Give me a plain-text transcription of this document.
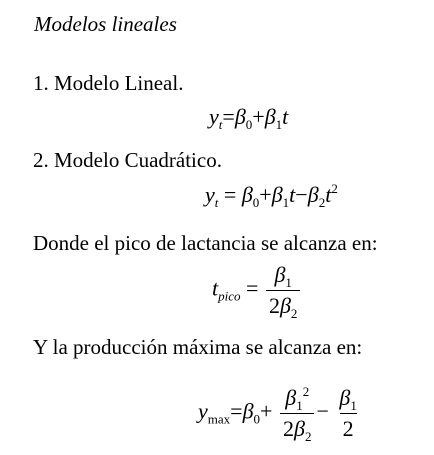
Modelos lineales
1. Modelo Lineal.
$y_t=\beta_0+\beta_1t$
2. Modelo Cuadrático.
$y_t = \beta_0+\beta_1t-\beta_2t^2$
Donde el pico de lactancia se alcanza en:
$t_{pico} = \frac{\beta_1}{2\beta_2}$
Y la producción máxima se alcanza en:
$y_{max}=\beta_0+ \frac{\beta_1^2}{2\beta_2} - \frac{\beta_1}{2}$
